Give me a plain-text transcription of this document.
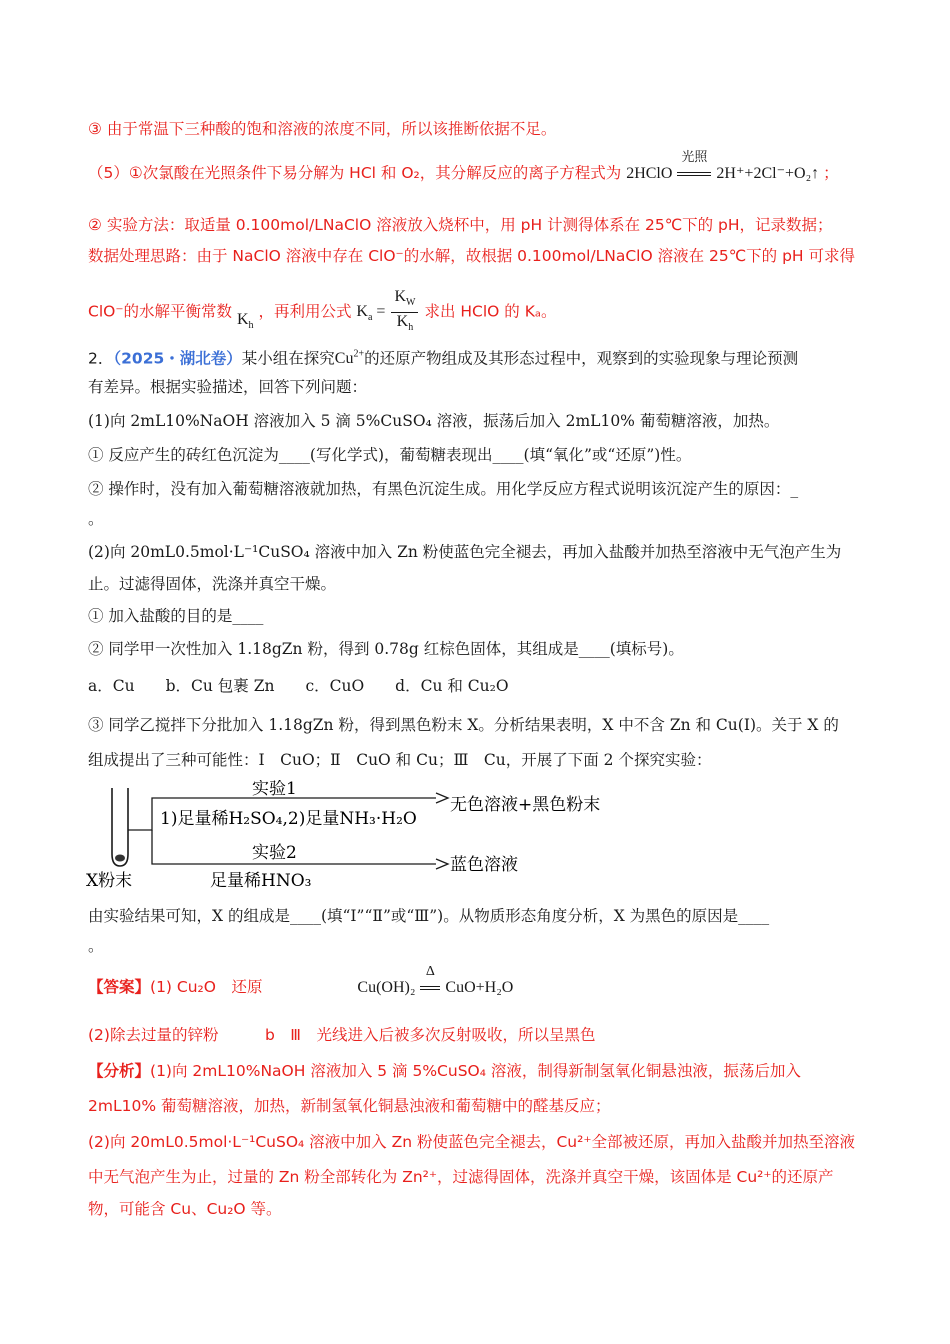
③ 由于常温下三种酸的饱和溶液的浓度不同，所以该推断依据不足。
（5）①次氯酸在光照条件下易分解为 HCl 和 O₂，其分解反应的离子方程式为 2HClO
光照
2H⁺+2Cl⁻+O₂↑ ；
② 实验方法：取适量 0.100mol/LNaClO 溶液放入烧杯中，用 pH 计测得体系在 25℃下的 pH，记录数据；
数据处理思路：由于 NaClO 溶液中存在 ClO⁻的水解，故根据 0.100mol/LNaClO 溶液在 25℃下的 pH 可求得
ClO⁻的水解平衡常数 $K_h$ ，再利用公式 $K_a = \frac{K_W}{K_h}$ 求出 HClO 的 Kₐ。
2．（2025・湖北卷）某小组在探究$Cu^{2+}$的还原产物组成及其形态过程中，观察到的实验现象与理论预测
有差异。根据实验描述，回答下列问题：
(1)向 2mL10%NaOH 溶液加入 5 滴 5%CuSO₄ 溶液，振荡后加入 2mL10% 葡萄糖溶液，加热。
① 反应产生的砖红色沉淀为____(写化学式)，葡萄糖表现出____(填“氧化”或“还原”)性。
② 操作时，没有加入葡萄糖溶液就加热，有黑色沉淀生成。用化学反应方程式说明该沉淀产生的原因：_
。
(2)向 20mL0.5mol·L⁻¹CuSO₄ 溶液中加入 Zn 粉使蓝色完全褪去，再加入盐酸并加热至溶液中无气泡产生为
止。过滤得固体，洗涤并真空干燥。
① 加入盐酸的目的是____
② 同学甲一次性加入 1.18gZn 粉，得到 0.78g 红棕色固体，其组成是____(填标号)。
a．Cu　　b．Cu 包裹 Zn　　c．CuO　　d．Cu 和 Cu₂O
③ 同学乙搅拌下分批加入 1.18gZn 粉，得到黑色粉末 X。分析结果表明，X 中不含 Zn 和 Cu(Ⅰ)。关于 X 的
组成提出了三种可能性：Ⅰ　CuO；Ⅱ　CuO 和 Cu；Ⅲ　Cu，开展了下面 2 个探究实验：
实验1
1)足量稀H₂SO₄,2)足量NH₃·H₂O
无色溶液+黑色粉末
实验2
足量稀HNO₃
蓝色溶液
X粉末
由实验结果可知，X 的组成是____(填“Ⅰ”“Ⅱ”或“Ⅲ”)。从物质形态角度分析，X 为黑色的原因是____
。
【答案】(1) Cu₂O　还原	Cu(OH)₂
Δ
CuO+H₂O
(2)除去过量的锌粉　　　b　Ⅲ　光线进入后被多次反射吸收，所以呈黑色
【分析】(1)向 2mL10%NaOH 溶液加入 5 滴 5%CuSO₄ 溶液，制得新制氢氧化铜悬浊液，振荡后加入
2mL10% 葡萄糖溶液，加热，新制氢氧化铜悬浊液和葡萄糖中的醛基反应；
(2)向 20mL0.5mol·L⁻¹CuSO₄ 溶液中加入 Zn 粉使蓝色完全褪去，Cu²⁺全部被还原，再加入盐酸并加热至溶液
中无气泡产生为止，过量的 Zn 粉全部转化为 Zn²⁺，过滤得固体，洗涤并真空干燥，该固体是 Cu²⁺的还原产
物，可能含 Cu、Cu₂O 等。
